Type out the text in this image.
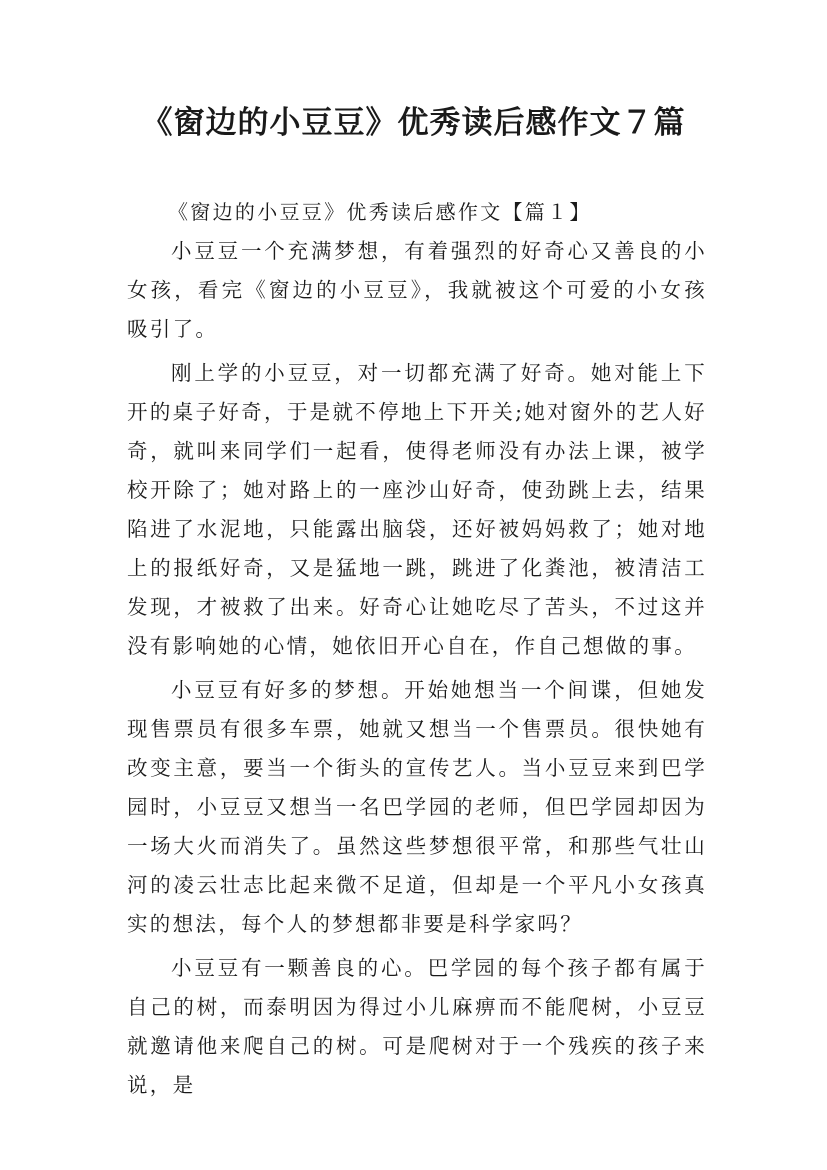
《窗边的小豆豆》优秀读后感作文７篇
《窗边的小豆豆》优秀读后感作文【篇１】

小豆豆一个充满梦想，有着强烈的好奇心又善良的小女孩，看完《窗边的小豆豆》，我就被这个可爱的小女孩吸引了。

刚上学的小豆豆，对一切都充满了好奇。她对能上下开的桌子好奇，于是就不停地上下开关;她对窗外的艺人好奇，就叫来同学们一起看，使得老师没有办法上课，被学校开除了；她对路上的一座沙山好奇，使劲跳上去，结果陷进了水泥地，只能露出脑袋，还好被妈妈救了；她对地上的报纸好奇，又是猛地一跳，跳进了化粪池，被清洁工发现，才被救了出来。好奇心让她吃尽了苦头，不过这并没有影响她的心情，她依旧开心自在，作自己想做的事。

小豆豆有好多的梦想。开始她想当一个间谍，但她发现售票员有很多车票，她就又想当一个售票员。很快她有改变主意，要当一个街头的宣传艺人。当小豆豆来到巴学园时，小豆豆又想当一名巴学园的老师，但巴学园却因为一场大火而消失了。虽然这些梦想很平常，和那些气壮山河的凌云壮志比起来微不足道，但却是一个平凡小女孩真实的想法，每个人的梦想都非要是科学家吗？

小豆豆有一颗善良的心。巴学园的每个孩子都有属于自己的树，而泰明因为得过小儿麻痹而不能爬树，小豆豆就邀请他来爬自己的树。可是爬树对于一个残疾的孩子来说，是
